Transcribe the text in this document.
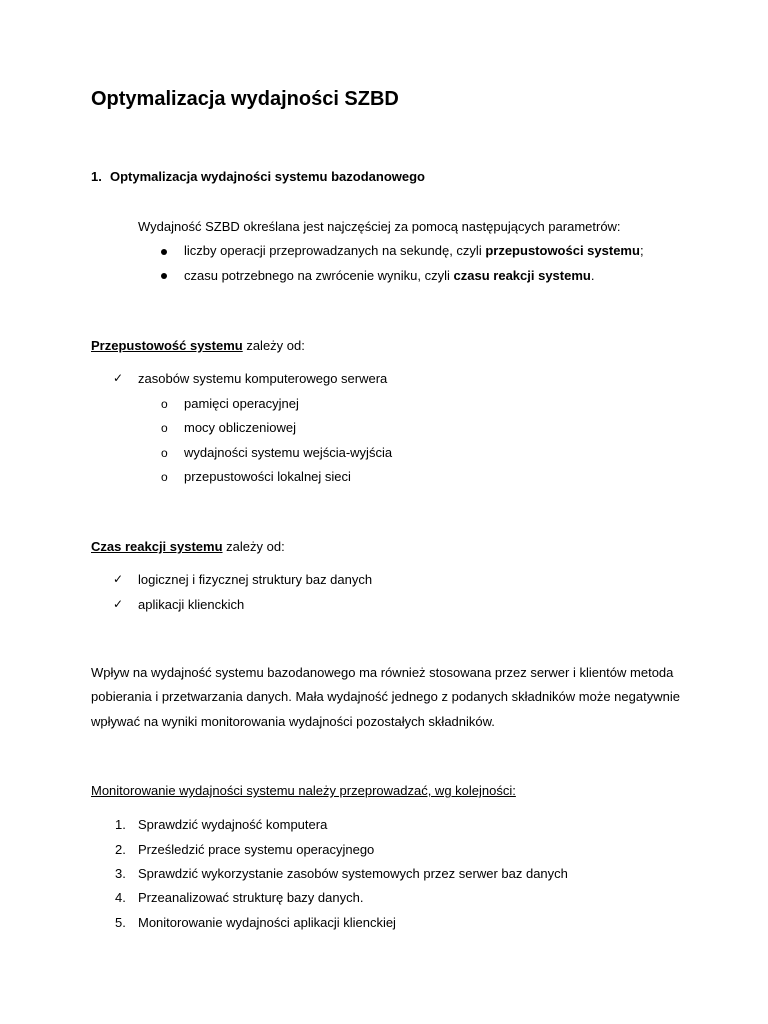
Optymalizacja wydajności SZBD
1. Optymalizacja wydajności systemu bazodanowego
Wydajność SZBD określana jest najczęściej za pomocą następujących parametrów:
liczby operacji przeprowadzanych na sekundę, czyli przepustowości systemu;
czasu potrzebnego na zwrócenie wyniku, czyli czasu reakcji systemu.
Przepustowość systemu zależy od:
✓ zasobów systemu komputerowego serwera
o pamięci operacyjnej
o mocy obliczeniowej
o wydajności systemu wejścia-wyjścia
o przepustowości lokalnej sieci
Czas reakcji systemu zależy od:
✓ logicznej i fizycznej struktury baz danych
✓ aplikacji klienckich
Wpływ na wydajność systemu bazodanowego ma również stosowana przez serwer i klientów metoda
pobierania i przetwarzania danych. Mała wydajność jednego z podanych składników może negatywnie
wpływać na wyniki monitorowania wydajności pozostałych składników.
Monitorowanie wydajności systemu należy przeprowadzać, wg kolejności:
1. Sprawdzić wydajność komputera
2. Prześledzić prace systemu operacyjnego
3. Sprawdzić wykorzystanie zasobów systemowych przez serwer baz danych
4. Przeanalizować strukturę bazy danych.
5. Monitorowanie wydajności aplikacji klienckiej
